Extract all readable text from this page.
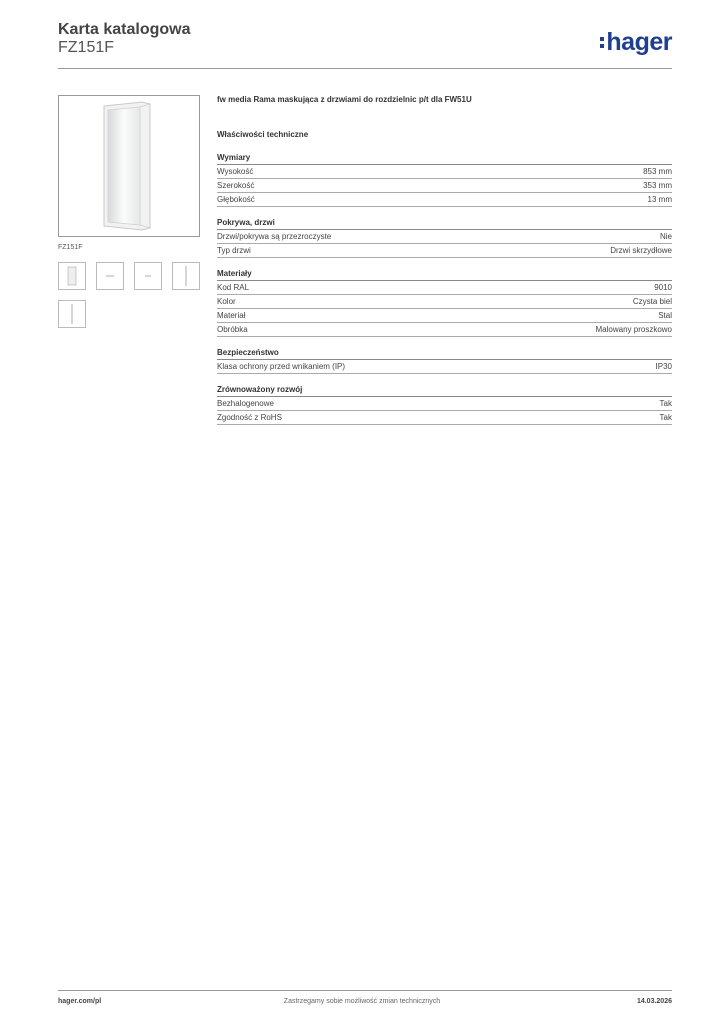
Karta katalogowa
FZ151F	hager
FZ151F
fw media Rama maskująca z drzwiami do rozdzielnic p/t dla FW51U
Właściwości techniczne
Wymiary
Wysokość	853 mm
Szerokość	353 mm
Głębokość	13 mm
Pokrywa, drzwi
Drzwi/pokrywa są przezroczyste	Nie
Typ drzwi	Drzwi skrzydłowe
Materiały
Kod RAL	9010
Kolor	Czysta biel
Materiał	Stal
Obróbka	Malowany proszkowo
Bezpieczeństwo
Klasa ochrony przed wnikaniem (IP)	IP30
Zrównoważony rozwój
Bezhalogenowe	Tak
Zgodność z RoHS	Tak
Zastrzegamy sobie możliwość zmian technicznych
hager.com/pl	14.03.2026
